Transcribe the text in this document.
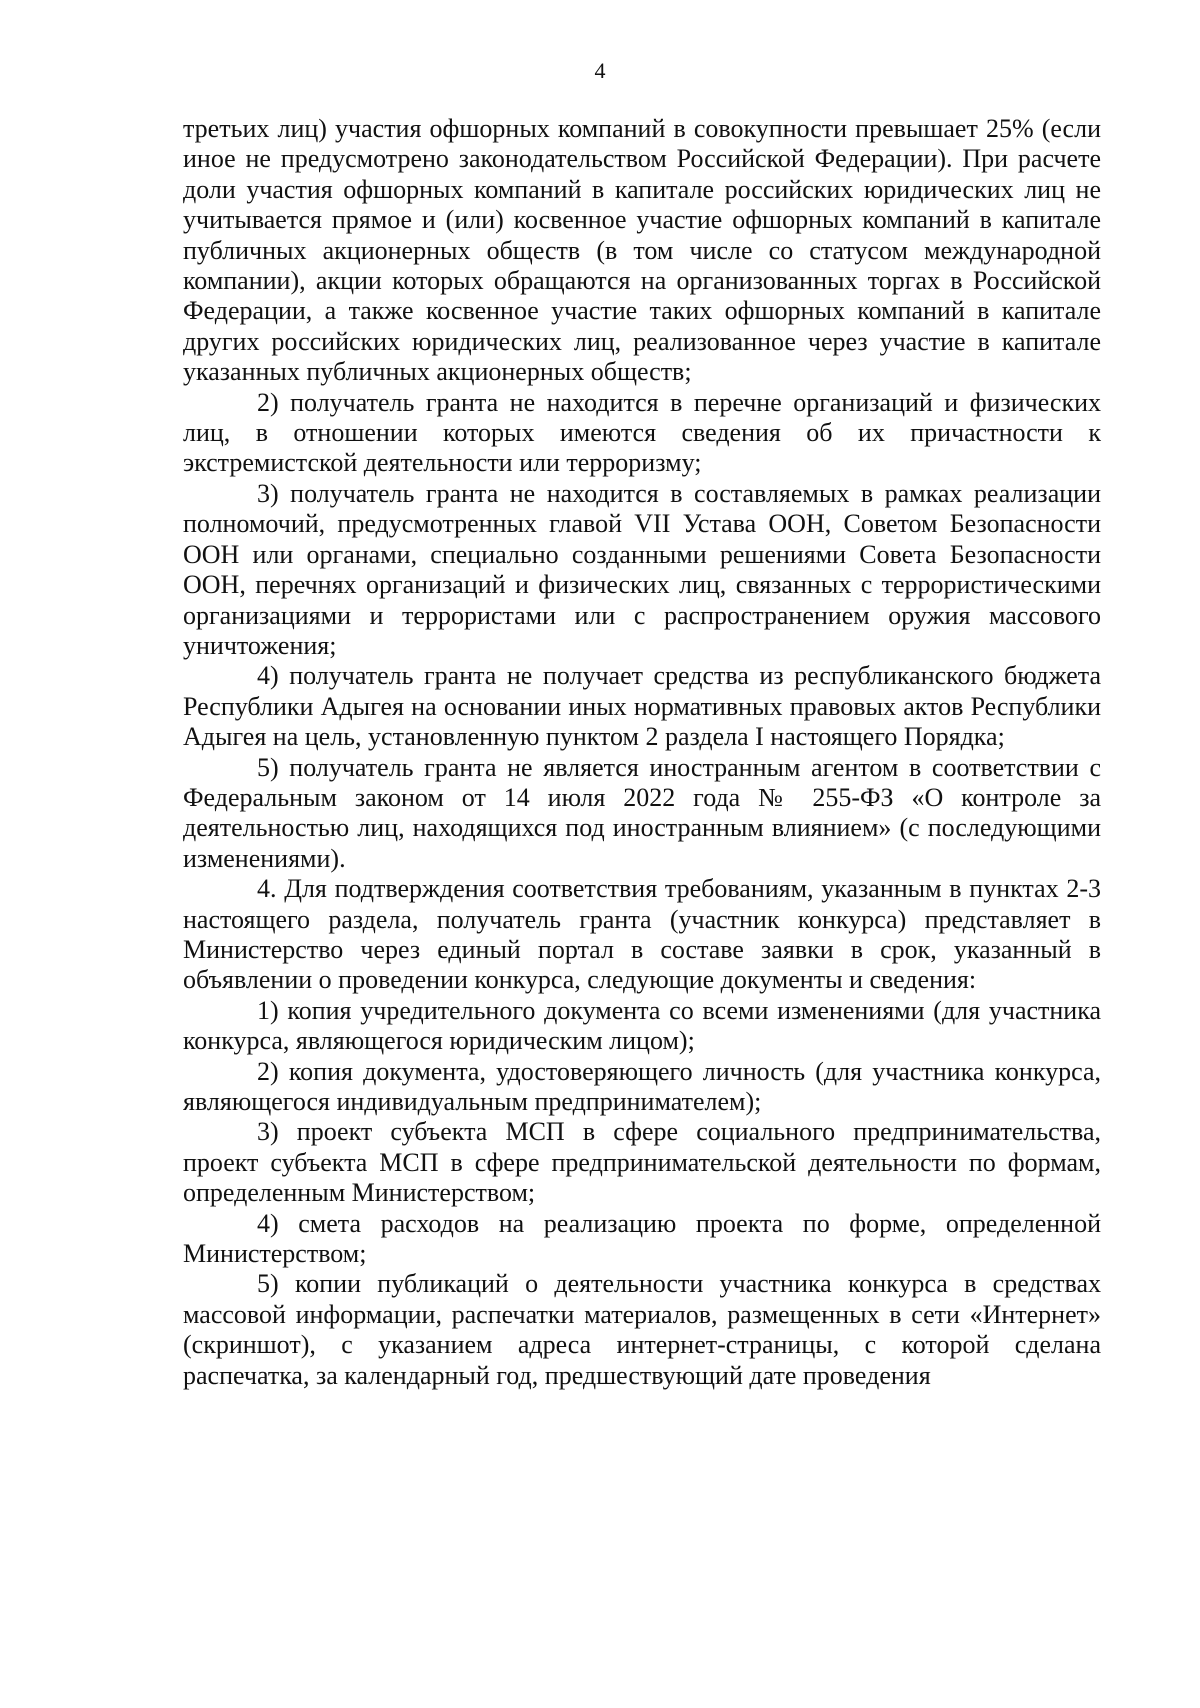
4

третьих лиц) участия офшорных компаний в совокупности превышает 25% (если иное не предусмотрено законодательством Российской Федерации). При расчете доли участия офшорных компаний в капитале российских юридических лиц не учитывается прямое и (или) косвенное участие офшорных компаний в капитале публичных акционерных обществ (в том числе со статусом международной компании), акции которых обращаются на организованных торгах в Российской Федерации, а также косвенное участие таких офшорных компаний в капитале других российских юридических лиц, реализованное через участие в капитале указанных публичных акционерных обществ;

2) получатель гранта не находится в перечне организаций и физических лиц, в отношении которых имеются сведения об их причастности к экстремистской деятельности или терроризму;

3) получатель гранта не находится в составляемых в рамках реализации полномочий, предусмотренных главой VII Устава ООН, Советом Безопасности ООН или органами, специально созданными решениями Совета Безопасности ООН, перечнях организаций и физических лиц, связанных с террористическими организациями и террористами или с распространением оружия массового уничтожения;

4) получатель гранта не получает средства из республиканского бюджета Республики Адыгея на основании иных нормативных правовых актов Республики Адыгея на цель, установленную пунктом 2 раздела I настоящего Порядка;

5) получатель гранта не является иностранным агентом в соответствии с Федеральным законом от 14 июля 2022 года № 255-ФЗ «О контроле за деятельностью лиц, находящихся под иностранным влиянием» (с последующими изменениями).

4. Для подтверждения соответствия требованиям, указанным в пунктах 2-3 настоящего раздела, получатель гранта (участник конкурса) представляет в Министерство через единый портал в составе заявки в срок, указанный в объявлении о проведении конкурса, следующие документы и сведения:

1) копия учредительного документа со всеми изменениями (для участника конкурса, являющегося юридическим лицом);

2) копия документа, удостоверяющего личность (для участника конкурса, являющегося индивидуальным предпринимателем);

3) проект субъекта МСП в сфере социального предпринимательства, проект субъекта МСП в сфере предпринимательской деятельности по формам, определенным Министерством;

4) смета расходов на реализацию проекта по форме, определенной Министерством;

5) копии публикаций о деятельности участника конкурса в средствах массовой информации, распечатки материалов, размещенных в сети «Интернет» (скриншот), с указанием адреса интернет-страницы, с которой сделана распечатка, за календарный год, предшествующий дате проведения
